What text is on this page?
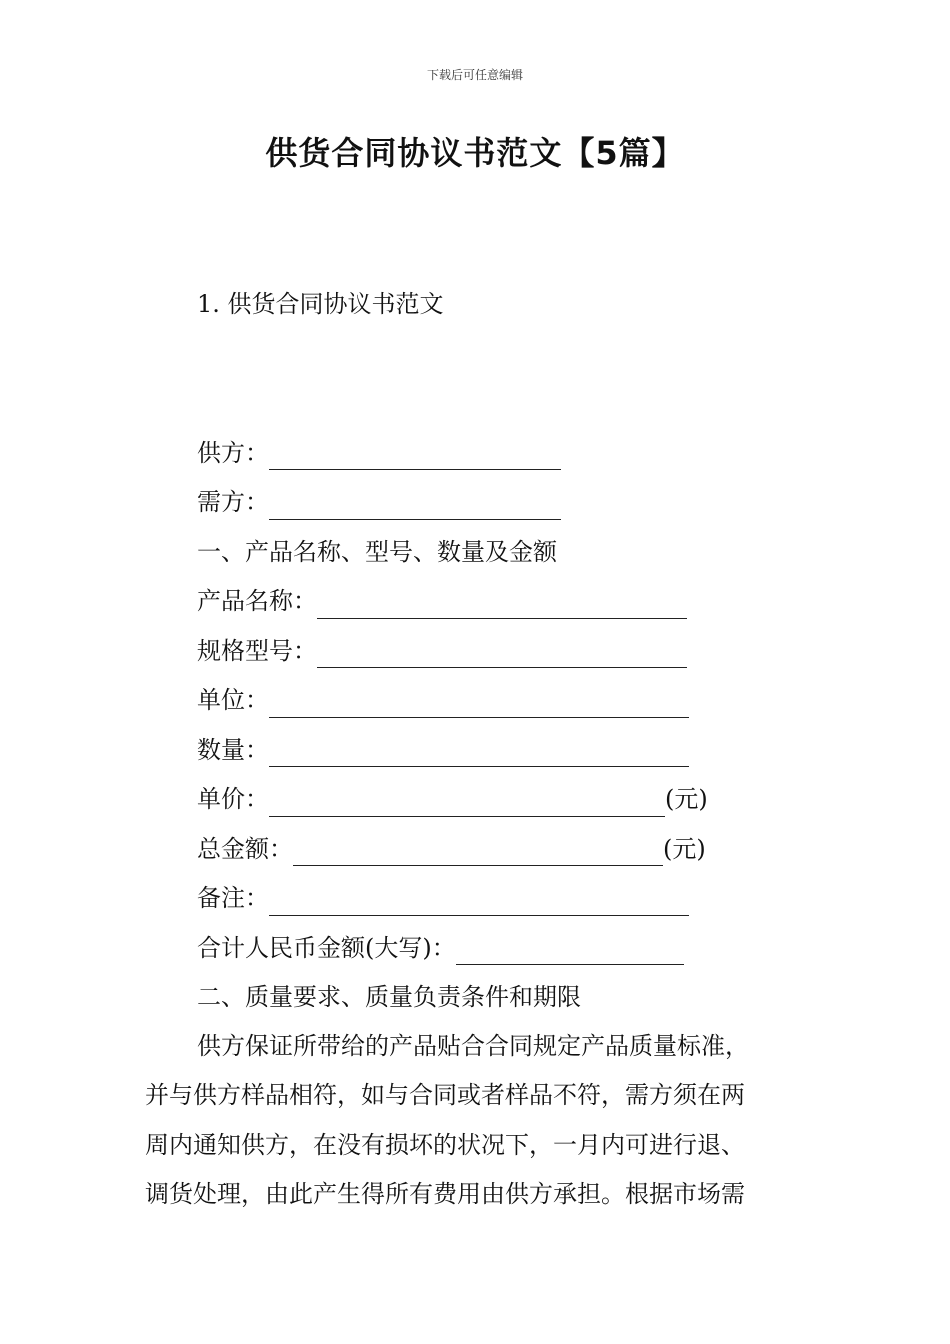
下载后可任意编辑
供货合同协议书范文【5篇】
1. 供货合同协议书范文
供方：
需方：
一、产品名称、型号、数量及金额
产品名称：
规格型号：
单位：
数量：
单价：	(元)
总金额：	(元)
备注：
合计人民币金额(大写)：
二、质量要求、质量负责条件和期限
供方保证所带给的产品贴合合同规定产品质量标准，
并与供方样品相符，如与合同或者样品不符，需方须在两
周内通知供方，在没有损坏的状况下，一月内可进行退、
调货处理，由此产生得所有费用由供方承担。根据市场需
